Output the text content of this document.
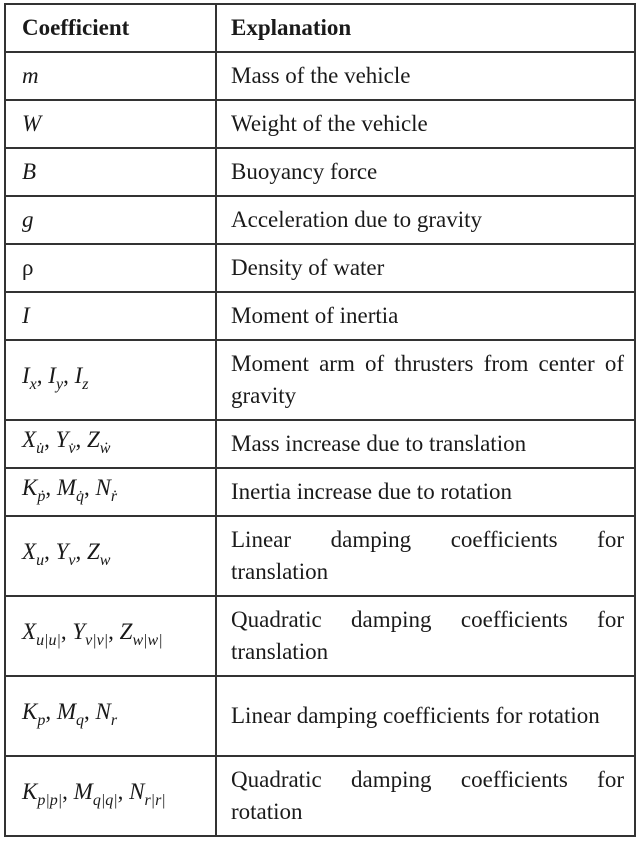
Coefficient	Explanation
m	Mass of the vehicle
W	Weight of the vehicle
B	Buoyancy force
g	Acceleration due to gravity
ρ	Density of water
I	Moment of inertia
$I_x$, $I_y$, $I_z$	Moment arm of thrusters from center of gravity
$X_{u̇}$, $Y_{v̇}$, $Z_ẇ$	Mass increase due to translation
$K_ṗ$, $M_{q̇}$, $N_ṙ$	Inertia increase due to rotation
$X_u$, $Y_v$, $Z_w$	Linear damping coefficients for translation
$X_{u|u|}$, $Y_{v|v|}$, $Z_{w|w|}$	Quadratic damping coefficients for translation
$K_p$, $M_q$, $N_r$	Linear damping coefficients for rotation
$K_{p|p|}$, $M_{q|q|}$, $N_{r|r|}$	Quadratic damping coefficients for rotation
